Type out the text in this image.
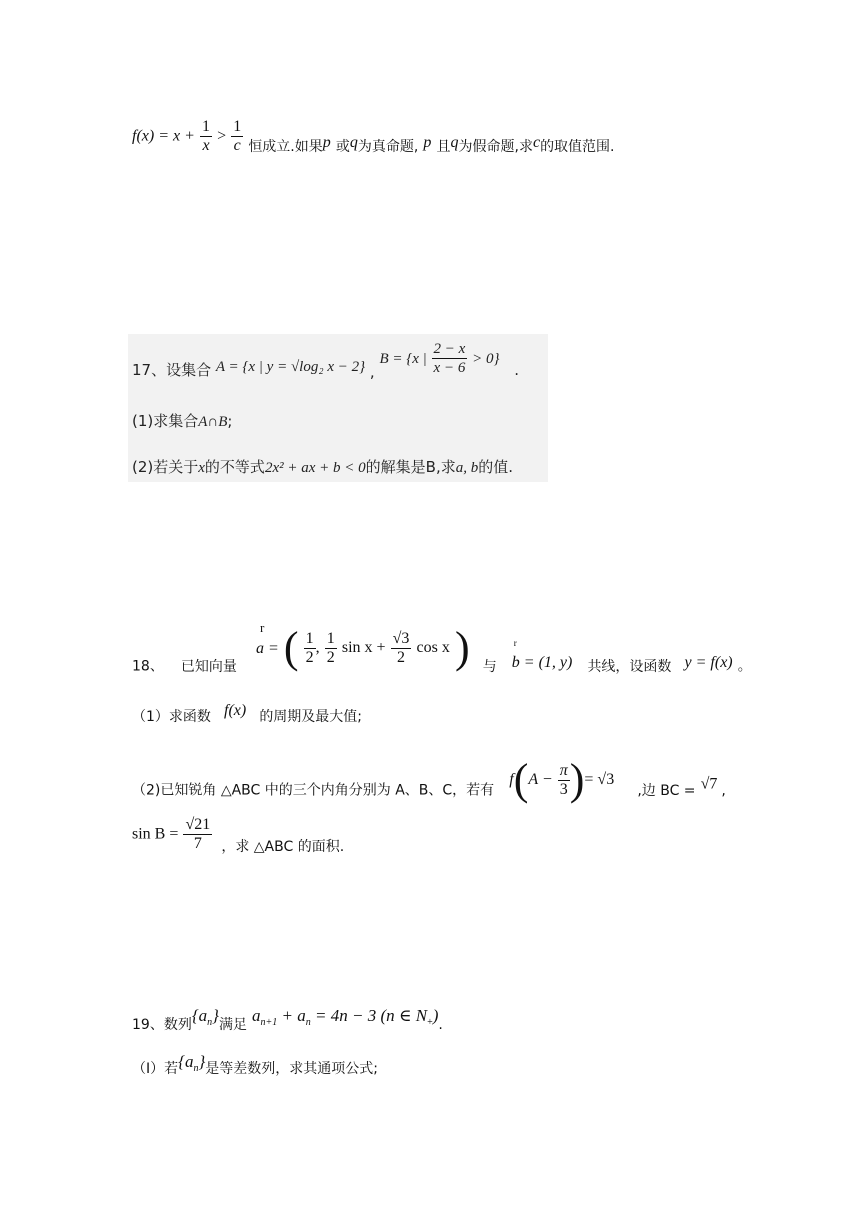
$f(x) = x + \frac{1}{x} > \frac{1}{c}$ 恒成立.如果p 或q为真命题, p 且q为假命题,求c的取值范围.
17、设集合 A = {x | y = √log₂ x − 2} , B = {x | $\frac{2 - x}{x - 6} > 0$} .
(1)求集合A∩B;
(2)若关于x的不等式2x² + ax + b < 0的解集是B,求a, b的值.
18、 已知向量
r
a = ( $\frac{1}{2}$ , $\frac{1}{2}$ $\sin x + \frac{√3}{2}$ cos x ) 与
r
b = (1, y) 共线，设函数 y = f(x) 。
（1）求函数 f(x) 的周期及最大值;
（2)已知锐角 △ABC 中的三个内角分别为 A、B、C，若有 $f(A - \frac{\pi}{3}$ )= √3 ,边 BC = √7 ,
$\sin B = \frac{√21}{7}$ ，求 △ABC 的面积.
19、数列$\{a_n\}$满足 $a_{n+1} + a_n = 4n - 3$ (n ∈ $N_+$).
（Ⅰ）若$\{a_n\}$是等差数列，求其通项公式;
